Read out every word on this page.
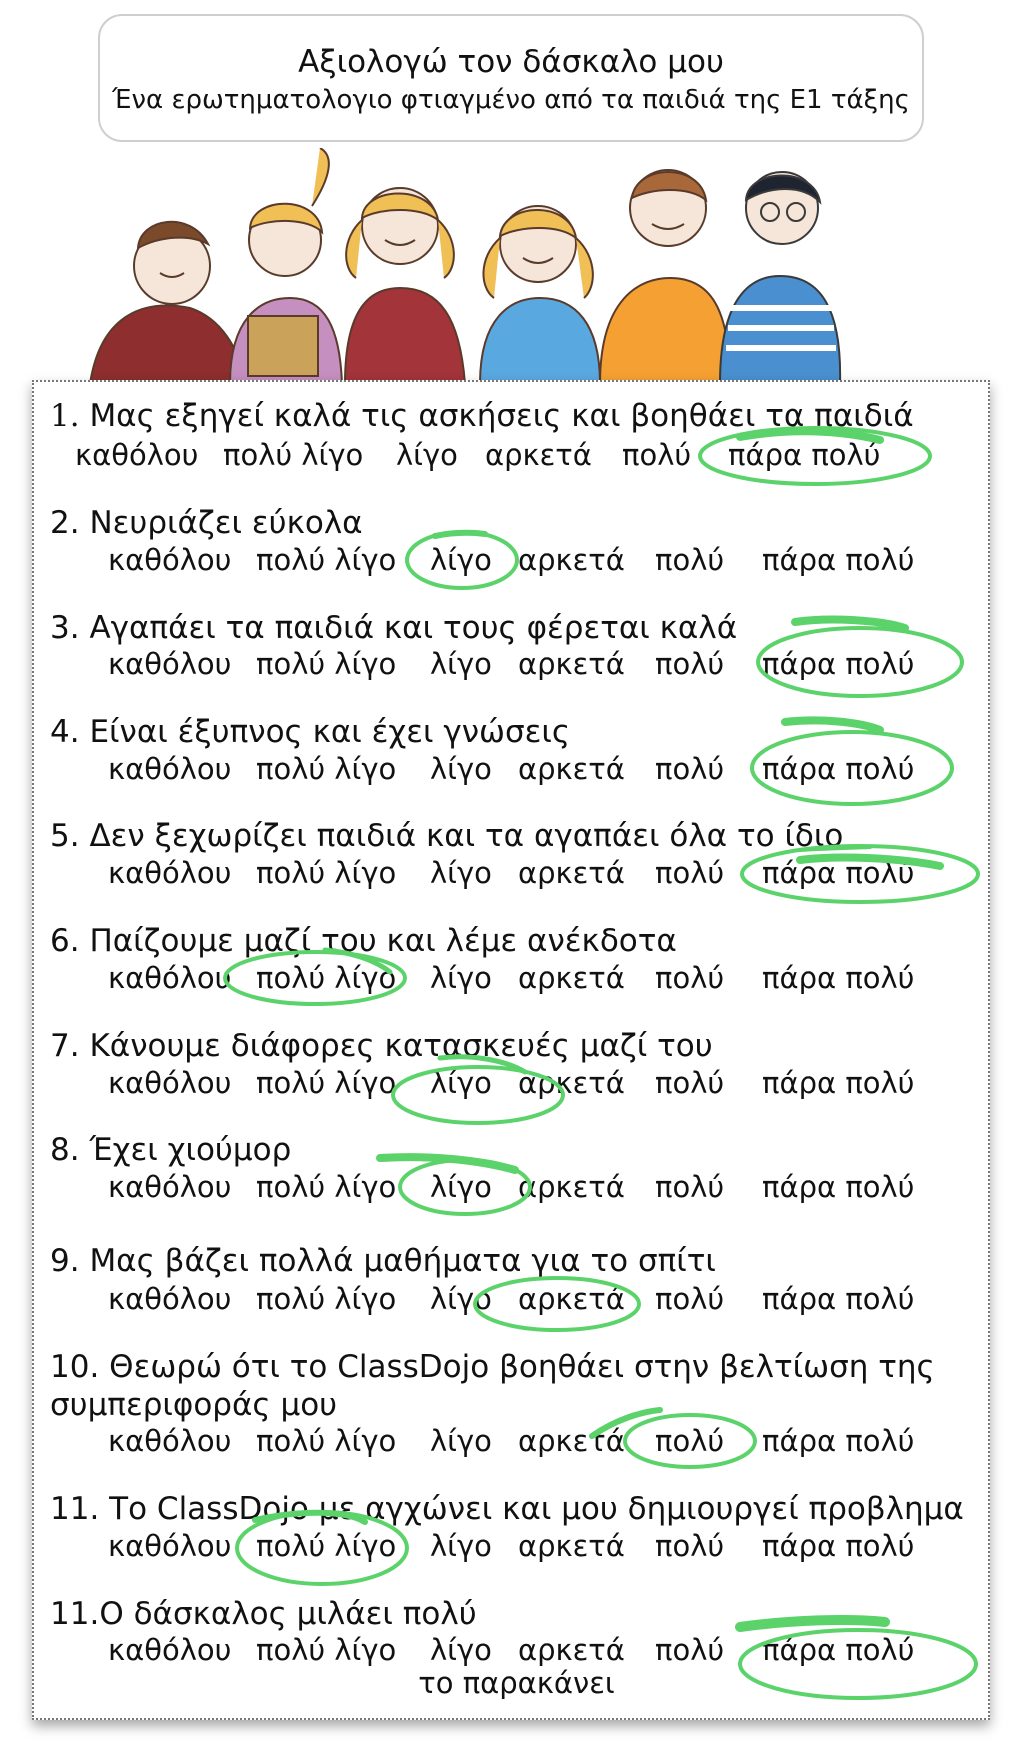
Αξιολογώ τον δάσκαλο μου
Ένα ερωτηματολογιο φτιαγμένο από τα παιδιά της Ε1 τάξης
1. Μας εξηγεί καλά τις ασκήσεις και βοηθάει τα παιδιά
καθόλου πολύ λίγο λίγο αρκετά πολύ πάρα πολύ
2. Νευριάζει εύκολα
καθόλου πολύ λίγο λίγο αρκετά πολύ πάρα πολύ
3. Αγαπάει τα παιδιά και τους φέρεται καλά
καθόλου πολύ λίγο λίγο αρκετά πολύ πάρα πολύ
4. Είναι έξυπνος και έχει γνώσεις
καθόλου πολύ λίγο λίγο αρκετά πολύ πάρα πολύ
5. Δεν ξεχωρίζει παιδιά και τα αγαπάει όλα το ίδιο
καθόλου πολύ λίγο λίγο αρκετά πολύ πάρα πολύ
6. Παίζουμε μαζί του και λέμε ανέκδοτα
καθόλου πολύ λίγο λίγο αρκετά πολύ πάρα πολύ
7. Κάνουμε διάφορες κατασκευές μαζί του
καθόλου πολύ λίγο λίγο αρκετά πολύ πάρα πολύ
8. Έχει χιούμορ
καθόλου πολύ λίγο λίγο αρκετά πολύ πάρα πολύ
9. Μας βάζει πολλά μαθήματα για το σπίτι
καθόλου πολύ λίγο λίγο αρκετά πολύ πάρα πολύ
10. Θεωρώ ότι το ClassDojo βοηθάει στην βελτίωση της
συμπεριφοράς μου
καθόλου πολύ λίγο λίγο αρκετά πολύ πάρα πολύ
11. Το ClassDojo με αγχώνει και μου δημιουργεί προβλημα
καθόλου πολύ λίγο λίγο αρκετά πολύ πάρα πολύ
11.Ο δάσκαλος μιλάει πολύ
καθόλου πολύ λίγο λίγο αρκετά πολύ πάρα πολύ
το παρακάνει
